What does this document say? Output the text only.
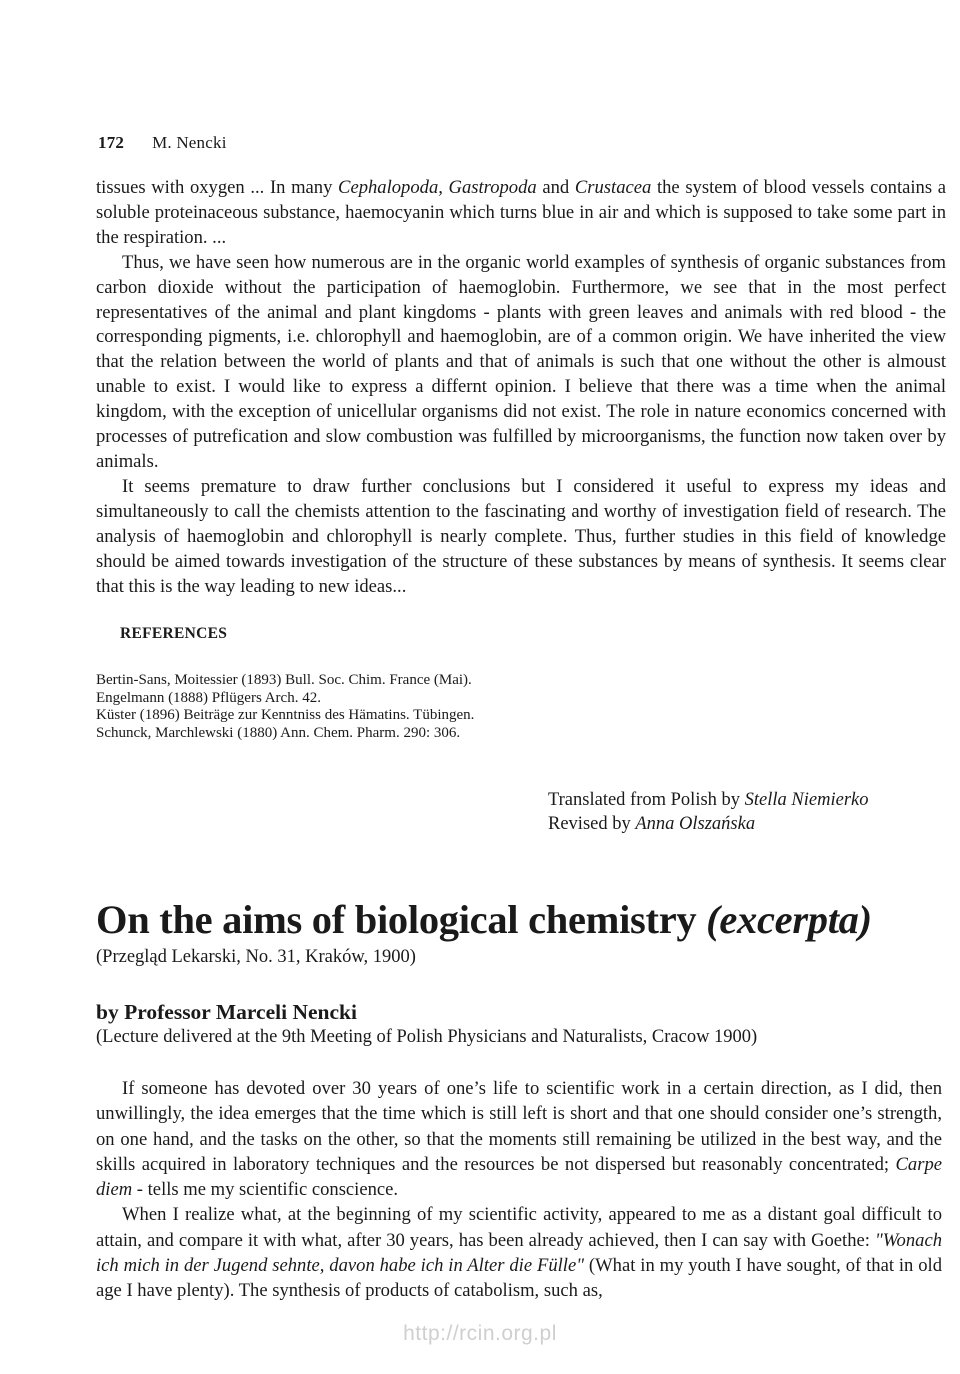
172 M. Nencki

tissues with oxygen ... In many Cephalopoda, Gastropoda and Crustacea the system of blood vessels contains a soluble proteinaceous substance, haemocyanin which turns blue in air and which is supposed to take some part in the respiration. ...

Thus, we have seen how numerous are in the organic world examples of synthesis of organic substances from carbon dioxide without the participation of haemoglobin. Furthermore, we see that in the most perfect representatives of the animal and plant kingdoms - plants with green leaves and animals with red blood - the corresponding pigments, i.e. chlorophyll and haemoglobin, are of a common origin. We have inherited the view that the relation between the world of plants and that of animals is such that one without the other is almoust unable to exist. I would like to express a differnt opinion. I believe that there was a time when the animal kingdom, with the exception of unicellular organisms did not exist. The role in nature economics concerned with processes of putrefication and slow combustion was fulfilled by microorganisms, the function now taken over by animals.

It seems premature to draw further conclusions but I considered it useful to express my ideas and simultaneously to call the chemists attention to the fascinating and worthy of investigation field of research. The analysis of haemoglobin and chlorophyll is nearly complete. Thus, further studies in this field of knowledge should be aimed towards investigation of the structure of these substances by means of synthesis. It seems clear that this is the way leading to new ideas...

REFERENCES
Bertin-Sans, Moitessier (1893) Bull. Soc. Chim. France (Mai).
Engelmann (1888) Pflügers Arch. 42.
Küster (1896) Beiträge zur Kenntniss des Hämatins. Tübingen.
Schunck, Marchlewski (1880) Ann. Chem. Pharm. 290: 306.
Translated from Polish by Stella Niemierko
Revised by Anna Olszańska
On the aims of biological chemistry (excerpta)
(Przegląd Lekarski, No. 31, Kraków, 1900)
by Professor Marceli Nencki
(Lecture delivered at the 9th Meeting of Polish Physicians and Naturalists, Cracow 1900)

If someone has devoted over 30 years of one’s life to scientific work in a certain direction, as I did, then unwillingly, the idea emerges that the time which is still left is short and that one should consider one’s strength, on one hand, and the tasks on the other, so that the moments still remaining be utilized in the best way, and the skills acquired in laboratory techniques and the resources be not dispersed but reasonably concentrated; Carpe diem - tells me my scientific conscience.

When I realize what, at the beginning of my scientific activity, appeared to me as a distant goal difficult to attain, and compare it with what, after 30 years, has been already achieved, then I can say with Goethe: "Wonach ich mich in der Jugend sehnte, davon habe ich in Alter die Fülle" (What in my youth I have sought, of that in old age I have plenty). The synthesis of products of catabolism, such as,

http://rcin.org.pl
